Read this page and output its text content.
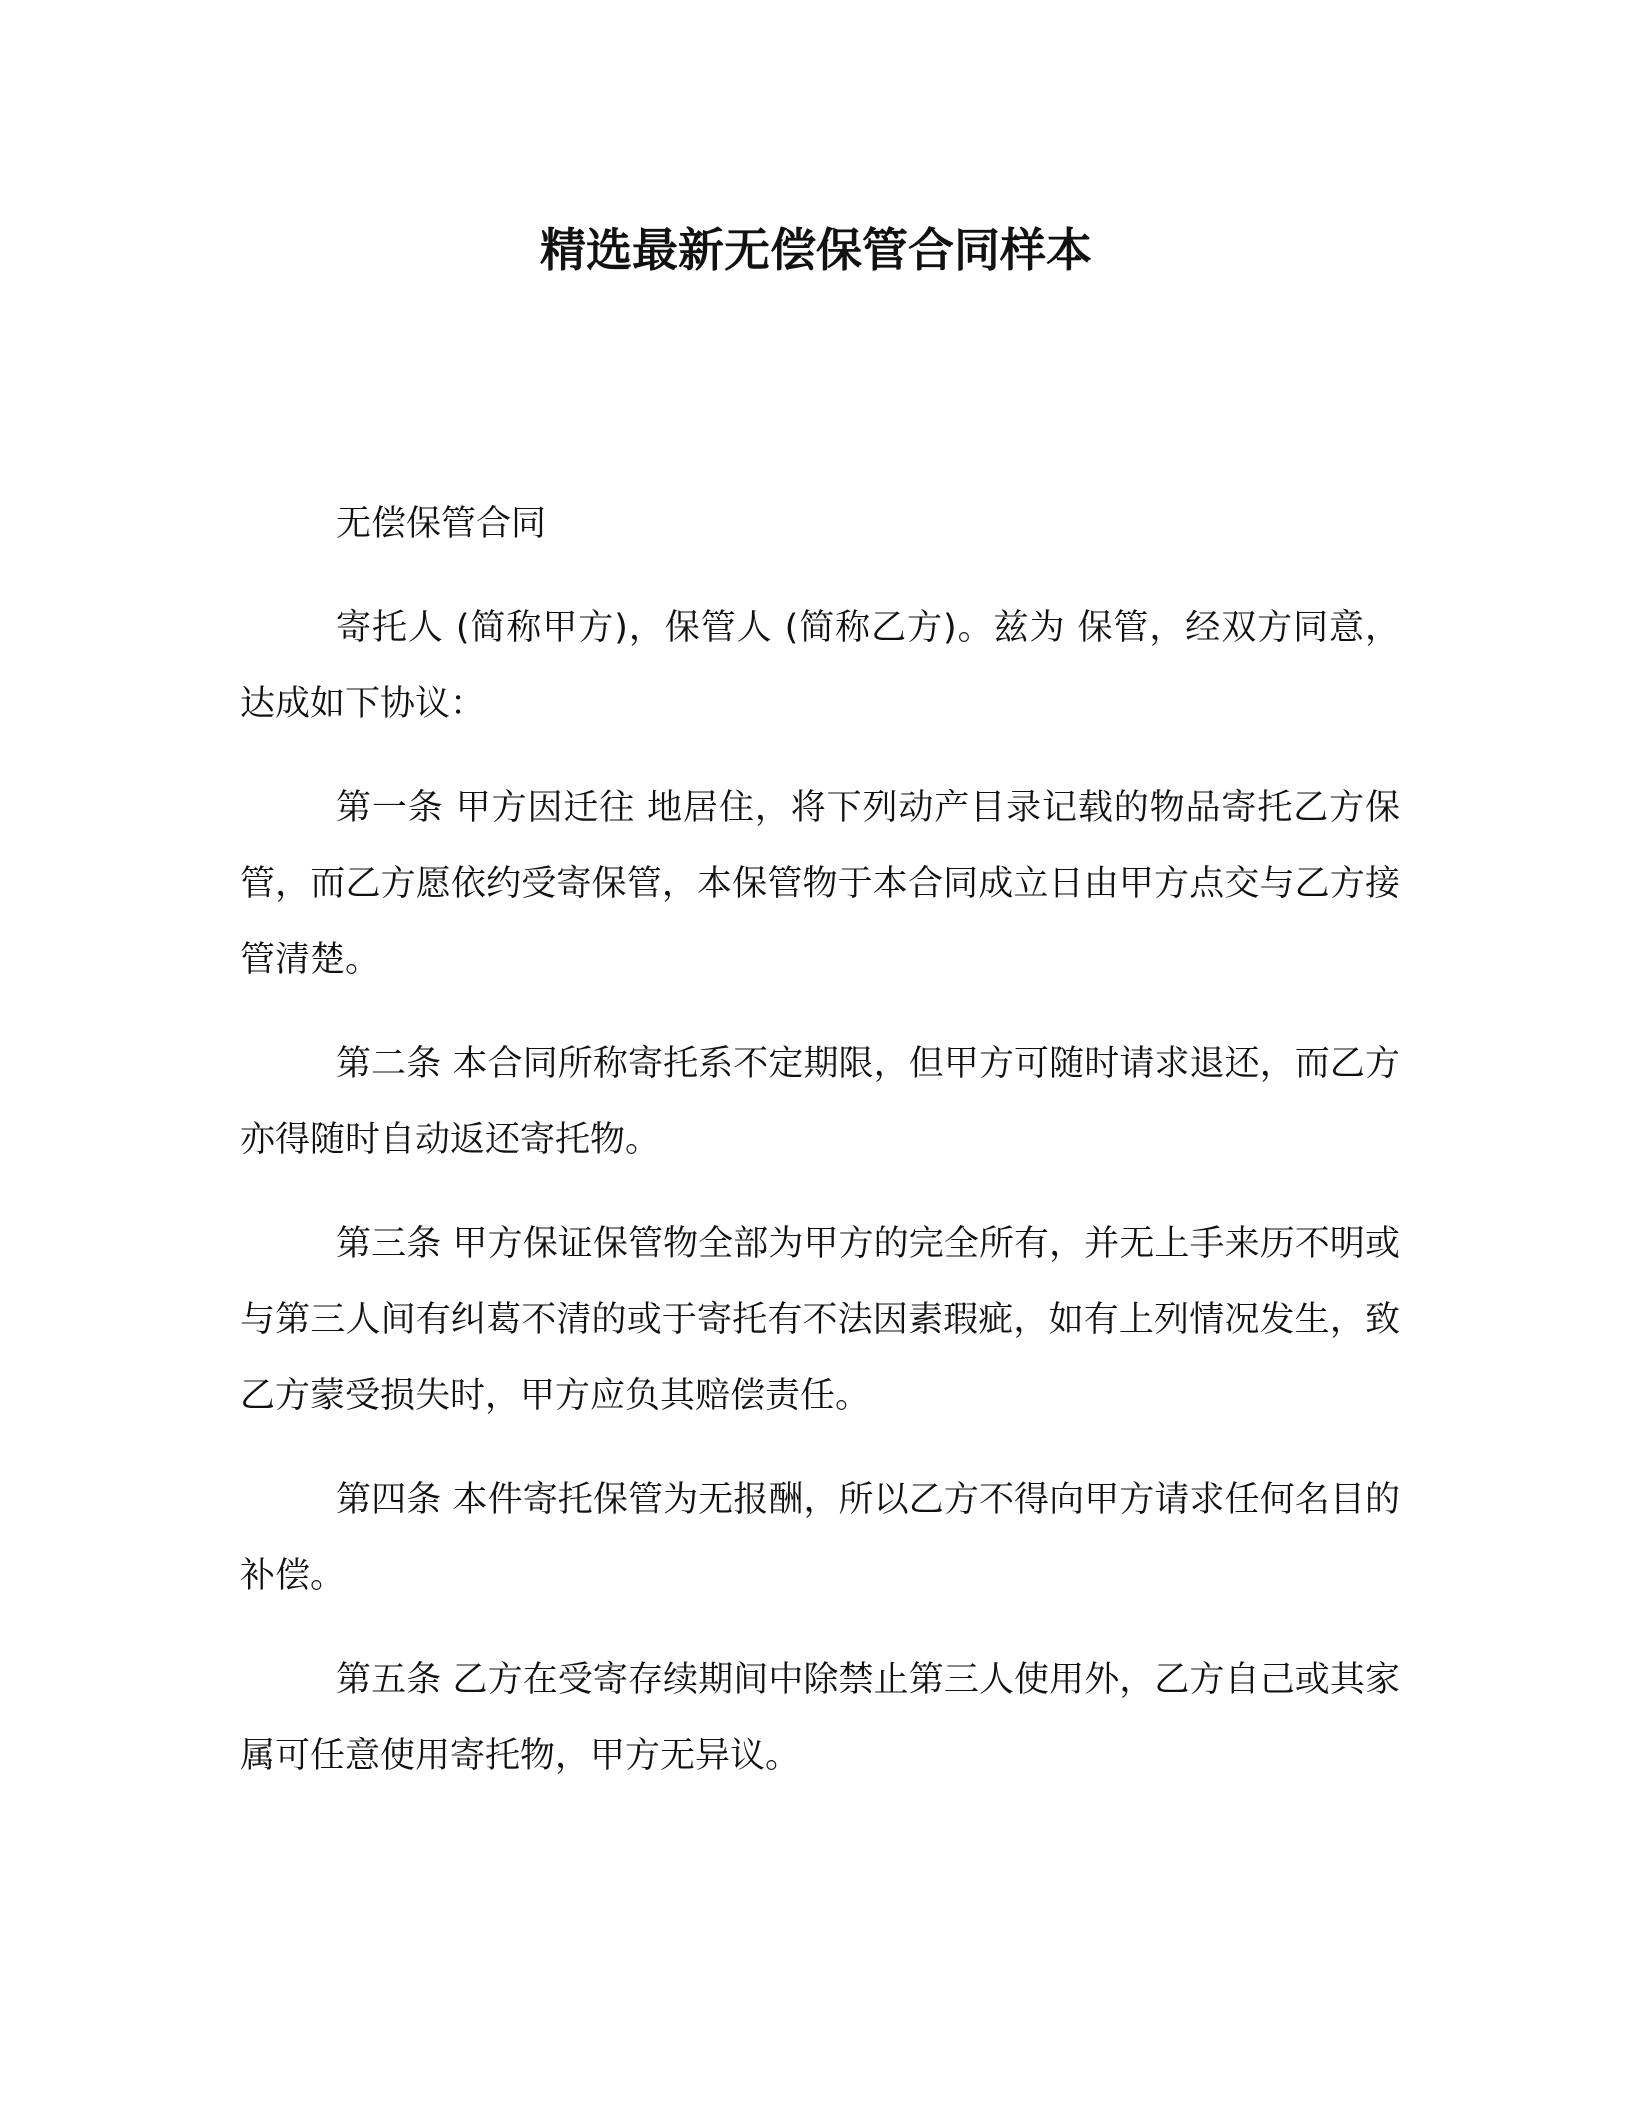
精选最新无偿保管合同样本

无偿保管合同

寄托人 (简称甲方)，保管人 (简称乙方)。兹为 保管，经双方同意，达成如下协议：

第一条 甲方因迁往 地居住，将下列动产目录记载的物品寄托乙方保管，而乙方愿依约受寄保管，本保管物于本合同成立日由甲方点交与乙方接管清楚。

第二条 本合同所称寄托系不定期限，但甲方可随时请求退还，而乙方亦得随时自动返还寄托物。

第三条 甲方保证保管物全部为甲方的完全所有，并无上手来历不明或与第三人间有纠葛不清的或于寄托有不法因素瑕疵，如有上列情况发生，致乙方蒙受损失时，甲方应负其赔偿责任。

第四条 本件寄托保管为无报酬，所以乙方不得向甲方请求任何名目的补偿。

第五条 乙方在受寄存续期间中除禁止第三人使用外，乙方自己或其家属可任意使用寄托物，甲方无异议。
